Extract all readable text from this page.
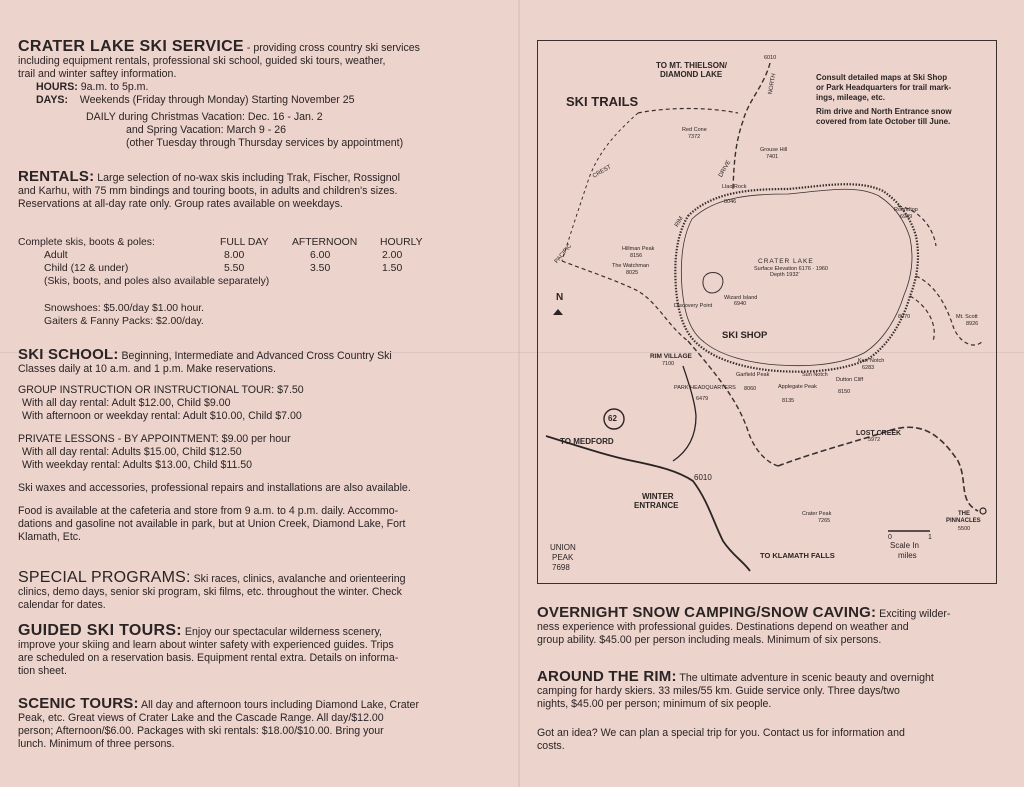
CRATER LAKE SKI SERVICE - providing cross country ski services

including equipment rentals, professional ski school, guided ski tours, weather,

trail and winter saftey information.

HOURS: 9a.m. to 5p.m.

DAYS: Weekends (Friday through Monday) Starting November 25

DAILY during Christmas Vacation: Dec. 16 - Jan. 2

and Spring Vacation: March 9 - 26

(other Tuesday through Thursday services by appointment)

RENTALS: Large selection of no-wax skis including Trak, Fischer, Rossignol

and Karhu, with 75 mm bindings and touring boots, in adults and children's sizes.

Reservations at all-day rate only. Group rates available on weekdays.

Complete skis, boots & poles:	FULL DAY	AFTERNOON	HOURLY
Adult	8.00	6.00	2.00
Child (12 & under)	5.50	3.50	1.50

(Skis, boots, and poles also available separately)

Snowshoes: $5.00/day $1.00 hour.

Gaiters & Fanny Packs: $2.00/day.

SKI SCHOOL: Beginning, Intermediate and Advanced Cross Country Ski

Classes daily at 10 a.m. and 1 p.m. Make reservations.

GROUP INSTRUCTION OR INSTRUCTIONAL TOUR: $7.50

With all day rental: Adult $12.00, Child $9.00

With afternoon or weekday rental: Adult $10.00, Child $7.00

PRIVATE LESSONS - BY APPOINTMENT: $9.00 per hour

With all day rental: Adults $15.00, Child $12.50

With weekday rental: Adults $13.00, Child $11.50

Ski waxes and accessories, professional repairs and installations are also available.

Food is available at the cafeteria and store from 9 a.m. to 4 p.m. daily. Accommo-

dations and gasoline not available in park, but at Union Creek, Diamond Lake, Fort

Klamath, Etc.

SPECIAL PROGRAMS: Ski races, clinics, avalanche and orienteering

clinics, demo days, senior ski program, ski films, etc. throughout the winter. Check

calendar for dates.

GUIDED SKI TOURS: Enjoy our spectacular wilderness scenery,

improve your skiing and learn about winter safety with experienced guides. Trips

are scheduled on a reservation basis. Equipment rental extra. Details on informa-

tion sheet.

SCENIC TOURS: All day and afternoon tours including Diamond Lake, Crater

Peak, etc. Great views of Crater Lake and the Cascade Range. All day/$12.00

person; Afternoon/$6.00. Packages with ski rentals: $18.00/$10.00. Bring your

lunch. Minimum of three persons.

SKI TRAILS
Consult detailed maps at Ski Shop
or Park Headquarters for trail mark-
ings, mileage, etc.
Rim drive and North Entrance snow
covered from late October till June.
TO MT. THIELSON/
DIAMOND LAKE
6010
SKI SHOP
RIM VILLAGE
7100
CRATER LAKE
Surface Elevation 6176 · 1960
Depth 1932'
Wizard Island
6940
LOST CREEK
5972
TO MEDFORD
62
WINTER
ENTRANCE
6010
UNION
PEAK
7698
TO KLAMATH FALLS
THE
PINNACLES
5500
0	1
Scale In
miles
N
PARK HEADQUARTERS
6479
Mt. Scott
8926
Kerr Notch
6283
The Watchman
8025
Hillman Peak
8156
Discovery Point
Red Cone
7372
Grouse Hill
7401
Llao Rock
8046
Roundtop
6909
8070
Garfield Peak
8060	Applegate Peak
8135
Sun Notch
Dutton Cliff
8150
Crater Peak
7265
PACIFIC
CREST
RIM
DRIVE
NORTH

OVERNIGHT SNOW CAMPING/SNOW CAVING: Exciting wilder-

ness experience with professional guides. Destinations depend on weather and

group ability. $45.00 per person including meals. Minimum of six persons.

AROUND THE RIM: The ultimate adventure in scenic beauty and overnight

camping for hardy skiers. 33 miles/55 km. Guide service only. Three days/two

nights, $45.00 per person; minimum of six people.

Got an idea? We can plan a special trip for you. Contact us for information and

costs.
